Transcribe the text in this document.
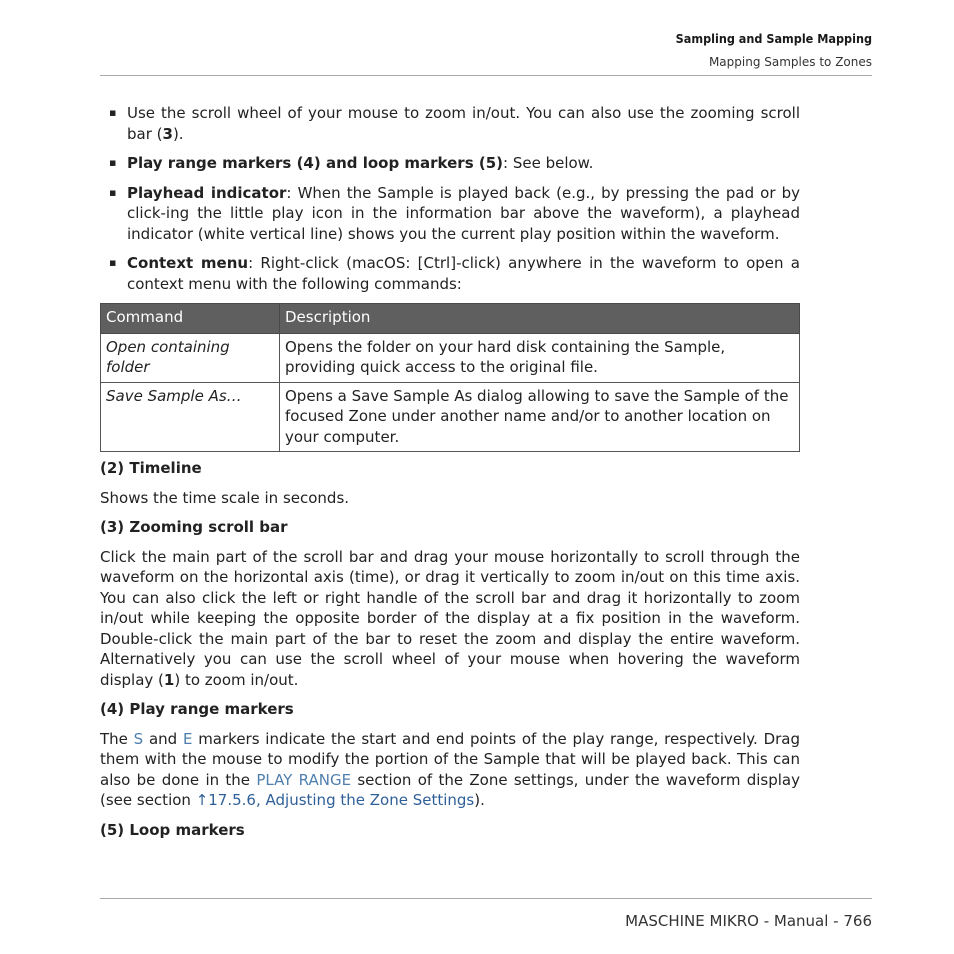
Sampling and Sample Mapping
Mapping Samples to Zones
▪ Use the scroll wheel of your mouse to zoom in/out. You can also use the zooming scroll bar (3).
▪ Play range markers (4) and loop markers (5): See below.
▪ Playhead indicator: When the Sample is played back (e.g., by pressing the pad or by click-ing the little play icon in the information bar above the waveform), a playhead indicator (white vertical line) shows you the current play position within the waveform.
▪ Context menu: Right-click (macOS: [Ctrl]-click) anywhere in the waveform to open a context menu with the following commands:
Command	Description
Open containing folder	Opens the folder on your hard disk containing the Sample, providing quick access to the original file.
Save Sample As…	Opens a Save Sample As dialog allowing to save the Sample of the focused Zone under another name and/or to another location on your computer.
(2) Timeline

Shows the time scale in seconds.

(3) Zooming scroll bar

Click the main part of the scroll bar and drag your mouse horizontally to scroll through the waveform on the horizontal axis (time), or drag it vertically to zoom in/out on this time axis. You can also click the left or right handle of the scroll bar and drag it horizontally to zoom in/out while keeping the opposite border of the display at a fix position in the waveform. Double-click the main part of the bar to reset the zoom and display the entire waveform. Alternatively you can use the scroll wheel of your mouse when hovering the waveform display (1) to zoom in/out.

(4) Play range markers

The S and E markers indicate the start and end points of the play range, respectively. Drag them with the mouse to modify the portion of the Sample that will be played back. This can also be done in the PLAY RANGE section of the Zone settings, under the waveform display (see section ↑17.5.6, Adjusting the Zone Settings).

(5) Loop markers
MASCHINE MIKRO - Manual - 766
